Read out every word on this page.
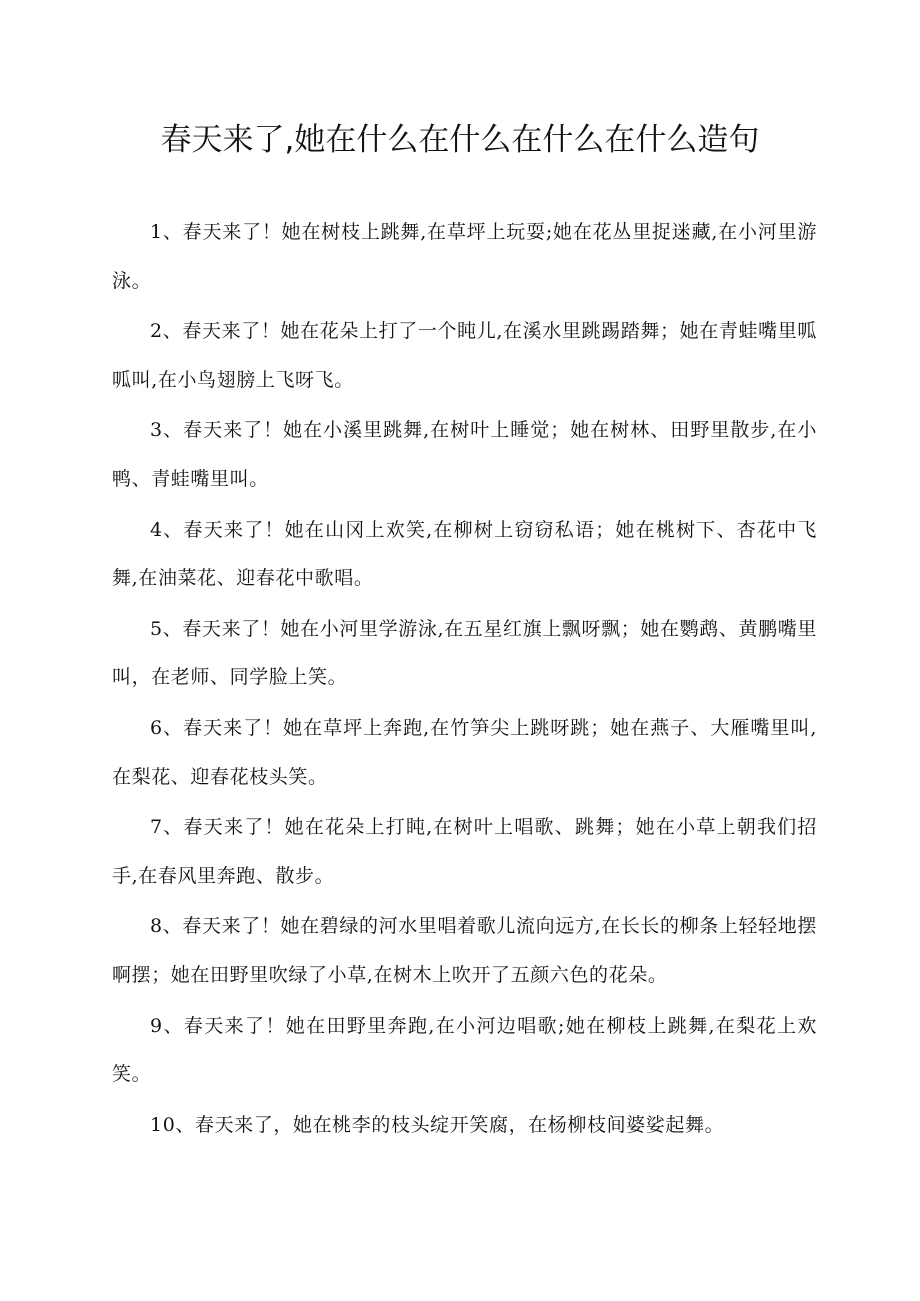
春天来了,她在什么在什么在什么在什么造句

1、春天来了！她在树枝上跳舞,在草坪上玩耍;她在花丛里捉迷藏,在小河里游泳。

2、春天来了！她在花朵上打了一个盹儿,在溪水里跳踢踏舞；她在青蛙嘴里呱呱叫,在小鸟翅膀上飞呀飞。

3、春天来了！她在小溪里跳舞,在树叶上睡觉；她在树林、田野里散步,在小鸭、青蛙嘴里叫。

4、春天来了！她在山冈上欢笑,在柳树上窃窃私语；她在桃树下、杏花中飞舞,在油菜花、迎春花中歌唱。

5、春天来了！她在小河里学游泳,在五星红旗上飘呀飘；她在鹦鹉、黄鹏嘴里叫，在老师、同学脸上笑。

6、春天来了！她在草坪上奔跑,在竹笋尖上跳呀跳；她在燕子、大雁嘴里叫,在梨花、迎春花枝头笑。

7、春天来了！她在花朵上打盹,在树叶上唱歌、跳舞；她在小草上朝我们招手,在春风里奔跑、散步。

8、春天来了！她在碧绿的河水里唱着歌儿流向远方,在长长的柳条上轻轻地摆啊摆；她在田野里吹绿了小草,在树木上吹开了五颜六色的花朵。

9、春天来了！她在田野里奔跑,在小河边唱歌;她在柳枝上跳舞,在梨花上欢笑。

10、春天来了，她在桃李的枝头绽开笑腐，在杨柳枝间婆娑起舞。
